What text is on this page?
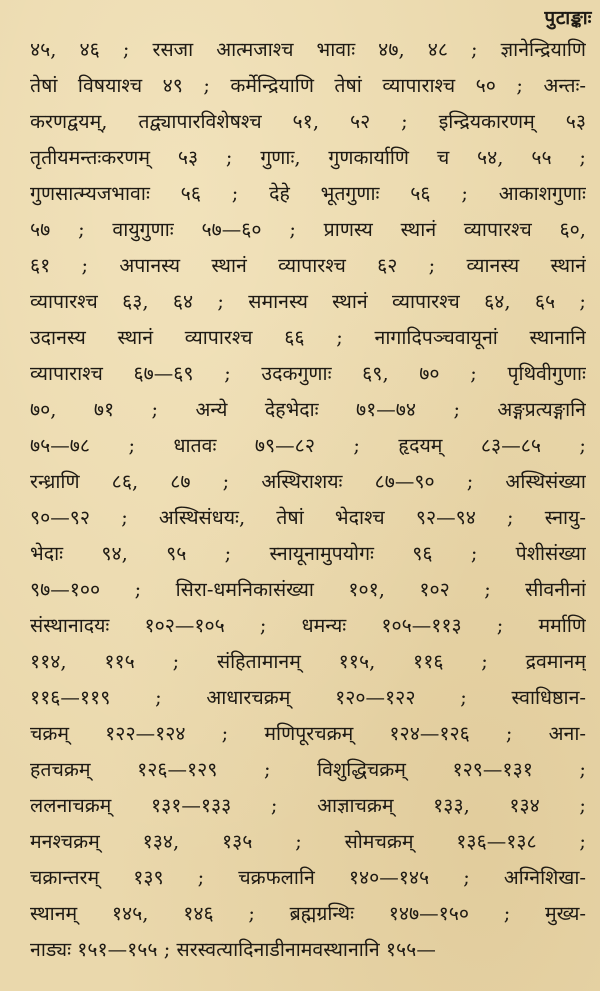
पुटाङ्काः
४५, ४६ ; रसजा आत्मजाश्च भावाः ४७, ४८ ; ज्ञानेन्द्रियाणि
तेषां विषयाश्च ४९ ; कर्मेन्द्रियाणि तेषां व्यापाराश्च ५० ; अन्तः-
करणद्वयम्, तद्व्यापारविशेषश्च ५१, ५२ ; इन्द्रियकारणम् ५३
तृतीयमन्तःकरणम् ५३ ; गुणाः, गुणकार्याणि च ५४, ५५ ;
गुणसात्म्यजभावाः ५६ ; देहे भूतगुणाः ५६ ; आकाशगुणाः
५७ ; वायुगुणाः ५७—६० ; प्राणस्य स्थानं व्यापारश्च ६०,
६१ ; अपानस्य स्थानं व्यापारश्च ६२ ; व्यानस्य स्थानं
व्यापारश्च ६३, ६४ ; समानस्य स्थानं व्यापारश्च ६४, ६५ ;
उदानस्य स्थानं व्यापारश्च ६६ ; नागादिपञ्चवायूनां स्थानानि
व्यापाराश्च ६७—६९ ; उदकगुणाः ६९, ७० ; पृथिवीगुणाः
७०, ७१ ; अन्ये देहभेदाः ७१—७४ ; अङ्गप्रत्यङ्गानि
७५—७८ ; धातवः ७९—८२ ; हृदयम् ८३—८५ ;
रन्ध्राणि ८६, ८७ ; अस्थिराशयः ८७—९० ; अस्थिसंख्या
९०—९२ ; अस्थिसंधयः, तेषां भेदाश्च ९२—९४ ; स्नायु-
भेदाः ९४, ९५ ; स्नायूनामुपयोगः ९६ ; पेशीसंख्या
९७—१०० ; सिरा-धमनिकासंख्या १०१, १०२ ; सीवनीनां
संस्थानादयः १०२—१०५ ; धमन्यः १०५—११३ ; मर्माणि
११४, ११५ ; संहितामानम् ११५, ११६ ; द्रवमानम्
११६—११९ ; आधारचक्रम् १२०—१२२ ; स्वाधिष्ठान-
चक्रम् १२२—१२४ ; मणिपूरचक्रम् १२४—१२६ ; अना-
हतचक्रम् १२६—१२९ ; विशुद्धिचक्रम् १२९—१३१ ;
ललनाचक्रम् १३१—१३३ ; आज्ञाचक्रम् १३३, १३४ ;
मनश्चक्रम् १३४, १३५ ; सोमचक्रम् १३६—१३८ ;
चक्रान्तरम् १३९ ; चक्रफलानि १४०—१४५ ; अग्निशिखा-
स्थानम् १४५, १४६ ; ब्रह्मग्रन्थिः १४७—१५० ; मुख्य-
नाड्यः १५१—१५५ ; सरस्वत्यादिनाडीनामवस्थानानि १५५—
